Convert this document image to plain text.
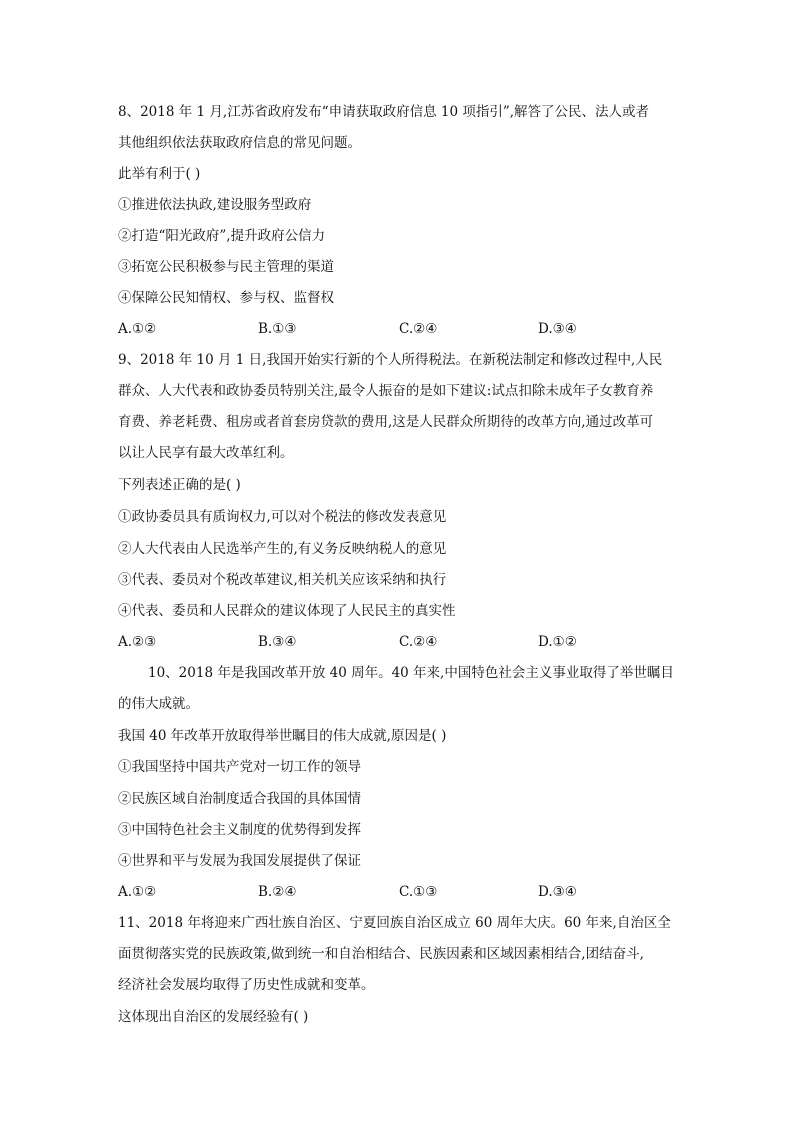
8、2018 年 1 月,江苏省政府发布“申请获取政府信息 10 项指引”,解答了公民、法人或者
其他组织依法获取政府信息的常见问题。
此举有利于( )
①推进依法执政,建设服务型政府
②打造“阳光政府”,提升政府公信力
③拓宽公民积极参与民主管理的渠道
④保障公民知情权、参与权、监督权
A.①②	B.①③	C.②④	D.③④
9、2018 年 10 月 1 日,我国开始实行新的个人所得税法。在新税法制定和修改过程中,人民
群众、人大代表和政协委员特别关注,最令人振奋的是如下建议:试点扣除未成年子女教育养
育费、养老耗费、租房或者首套房贷款的费用,这是人民群众所期待的改革方向,通过改革可
以让人民享有最大改革红利。
下列表述正确的是( )
①政协委员具有质询权力,可以对个税法的修改发表意见
②人大代表由人民选举产生的,有义务反映纳税人的意见
③代表、委员对个税改革建议,相关机关应该采纳和执行
④代表、委员和人民群众的建议体现了人民民主的真实性
A.②③	B.③④	C.②④	D.①②
10、2018 年是我国改革开放 40 周年。40 年来,中国特色社会主义事业取得了举世瞩目
的伟大成就。
我国 40 年改革开放取得举世瞩目的伟大成就,原因是( )
①我国坚持中国共产党对一切工作的领导
②民族区域自治制度适合我国的具体国情
③中国特色社会主义制度的优势得到发挥
④世界和平与发展为我国发展提供了保证
A.①②	B.②④	C.①③	D.③④
11、2018 年将迎来广西壮族自治区、宁夏回族自治区成立 60 周年大庆。60 年来,自治区全
面贯彻落实党的民族政策,做到统一和自治相结合、民族因素和区域因素相结合,团结奋斗,
经济社会发展均取得了历史性成就和变革。
这体现出自治区的发展经验有( )
